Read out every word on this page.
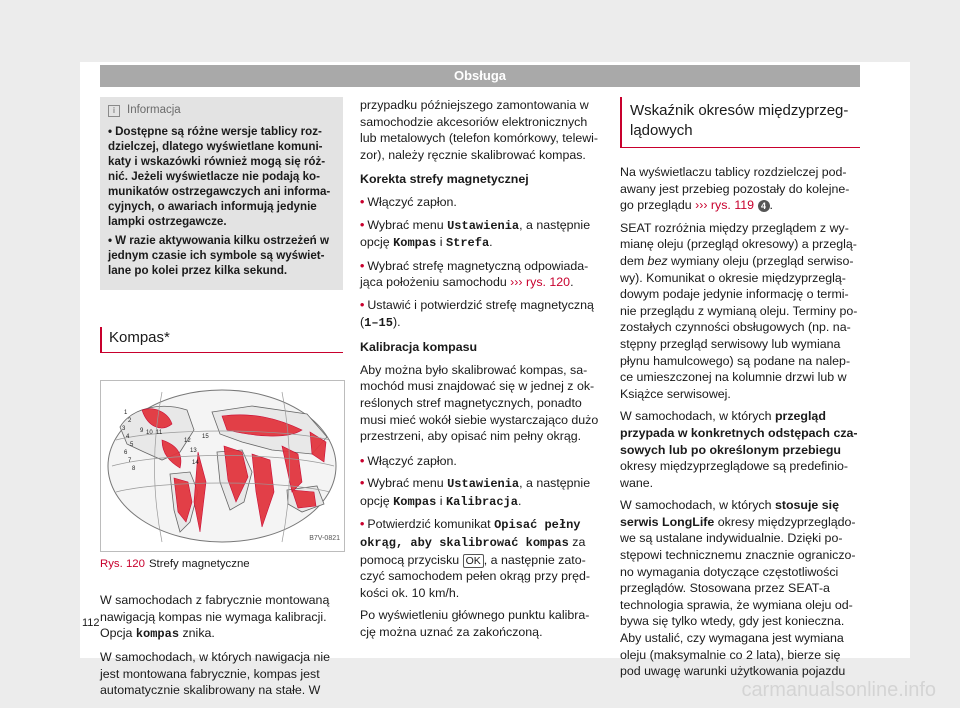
Obsługa
i	Informacja
• Dostępne są różne wersje tablicy roz-dzielczej, dlatego wyświetlane komuni-katy i wskazówki również mogą się róż-nić. Jeżeli wyświetlacze nie podają ko-munikatów ostrzegawczych ani informa-cyjnych, o awariach informują jedynie lampki ostrzegawcze.
• W razie aktywowania kilku ostrzeżeń w jednym czasie ich symbole są wyświet-lane po kolei przez kilka sekund.
Kompas*
1
2
3
4
5
6
7
8
9 10 11
12
13
14
15
B7V-0821
Rys. 120 Strefy magnetyczne

W samochodach z fabrycznie montowaną nawigacją kompas nie wymaga kalibracji. Opcja kompas znika.

W samochodach, w których nawigacja nie jest montowana fabrycznie, kompas jest automatycznie skalibrowany na stałe. W

przypadku późniejszego zamontowania w samochodzie akcesoriów elektronicznych lub metalowych (telefon komórkowy, telewi-zor), należy ręcznie skalibrować kompas.

Korekta strefy magnetycznej

• Włączyć zapłon.

• Wybrać menu Ustawienia, a następnie opcję Kompas i Strefa.

• Wybrać strefę magnetyczną odpowiada-jąca położeniu samochodu ››› rys. 120.

• Ustawić i potwierdzić strefę magnetyczną (1–15).

Kalibracja kompasu

Aby można było skalibrować kompas, sa-mochód musi znajdować się w jednej z ok-reślonych stref magnetycznych, ponadto musi mieć wokół siebie wystarczająco dużo przestrzeni, aby opisać nim pełny okrąg.

• Włączyć zapłon.

• Wybrać menu Ustawienia, a następnie opcję Kompas i Kalibracja.

• Potwierdzić komunikat Opisać pełny okrąg, aby skalibrować kompas za pomocą przycisku OK , a następnie zato-czyć samochodem pełen okrąg przy pręd-kości ok. 10 km/h.

Po wyświetleniu głównego punktu kalibra-cję można uznać za zakończoną.

Wskaźnik okresów międzyprzeg-lądowych

Na wyświetlaczu tablicy rozdzielczej pod-awany jest przebieg pozostały do kolejne-go przeglądu ››› rys. 119 4 .

SEAT rozróżnia między przeglądem z wy-mianę oleju (przegląd okresowy) a przeglą-dem bez wymiany oleju (przegląd serwiso-wy). Komunikat o okresie międzyprzeglą-dowym podaje jedynie informację o termi-nie przeglądu z wymianą oleju. Terminy po-zostałych czynności obsługowych (np. na-stępny przegląd serwisowy lub wymiana płynu hamulcowego) są podane na nalep-ce umieszczonej na kolumnie drzwi lub w Książce serwisowej.

W samochodach, w których przegląd przypada w konkretnych odstępach cza-sowych lub po określonym przebiegu okresy międzyprzeglądowe są predefinio-wane.

W samochodach, w których stosuje się serwis LongLife okresy międzyprzeglądo-we są ustalane indywidualnie. Dzięki po-stępowi technicznemu znacznie ograniczo-no wymagania dotyczące częstotliwości przeglądów. Stosowana przez SEAT-a technologia sprawia, że wymiana oleju od-bywa się tylko wtedy, gdy jest konieczna. Aby ustalić, czy wymagana jest wymiana oleju (maksymalnie co 2 lata), bierze się pod uwagę warunki użytkowania pojazdu

112
carmanualsonline.info
